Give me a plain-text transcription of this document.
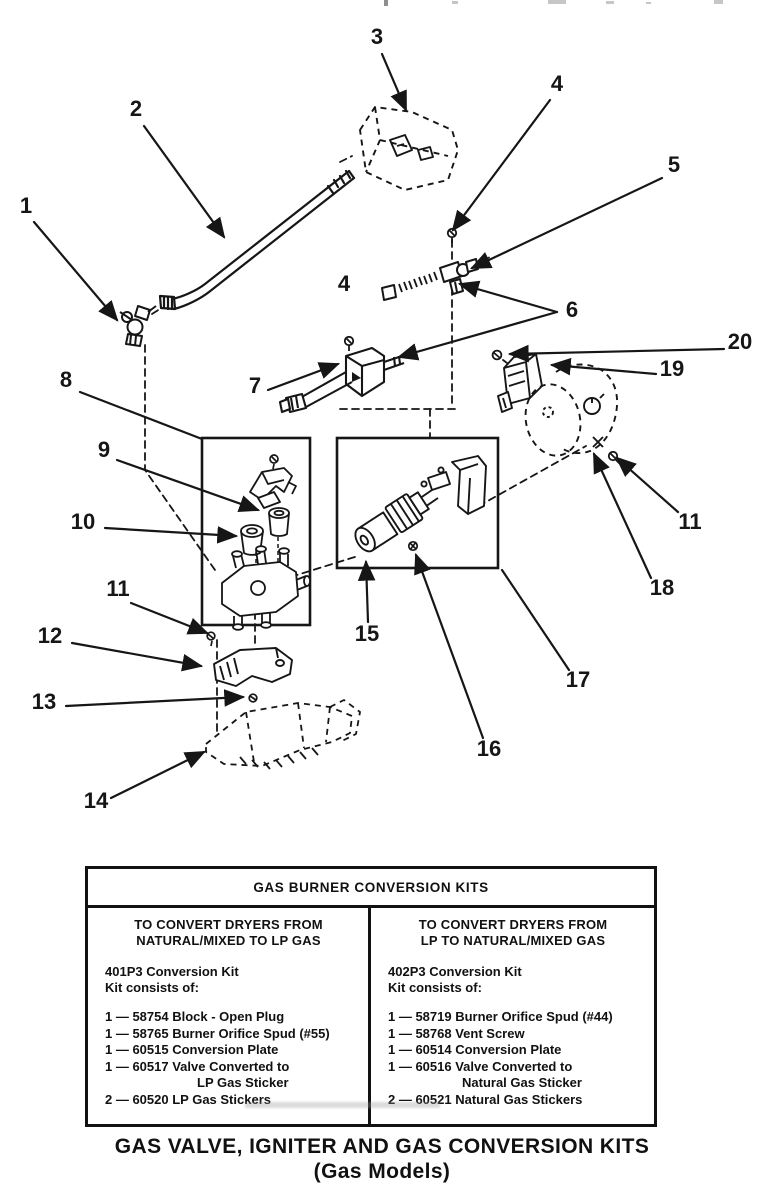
1
2
3
4
5
4
6
20
19
7
8
9
10
11
12
13
14
15
16
17
18
11
GAS BURNER CONVERSION KITS
TO CONVERT DRYERS FROM
NATURAL/MIXED TO LP GAS
401P3 Conversion Kit
Kit consists of:
1 — 58754 Block - Open Plug
1 — 58765 Burner Orifice Spud (#55)
1 — 60515 Conversion Plate
1 — 60517 Valve Converted to
LP Gas Sticker
2 — 60520 LP Gas Stickers
TO CONVERT DRYERS FROM
LP TO NATURAL/MIXED GAS
402P3 Conversion Kit
Kit consists of:
1 — 58719 Burner Orifice Spud (#44)
1 — 58768 Vent Screw
1 — 60514 Conversion Plate
1 — 60516 Valve Converted to
Natural Gas Sticker
2 — 60521 Natural Gas Stickers
GAS VALVE, IGNITER AND GAS CONVERSION KITS
(Gas Models)
